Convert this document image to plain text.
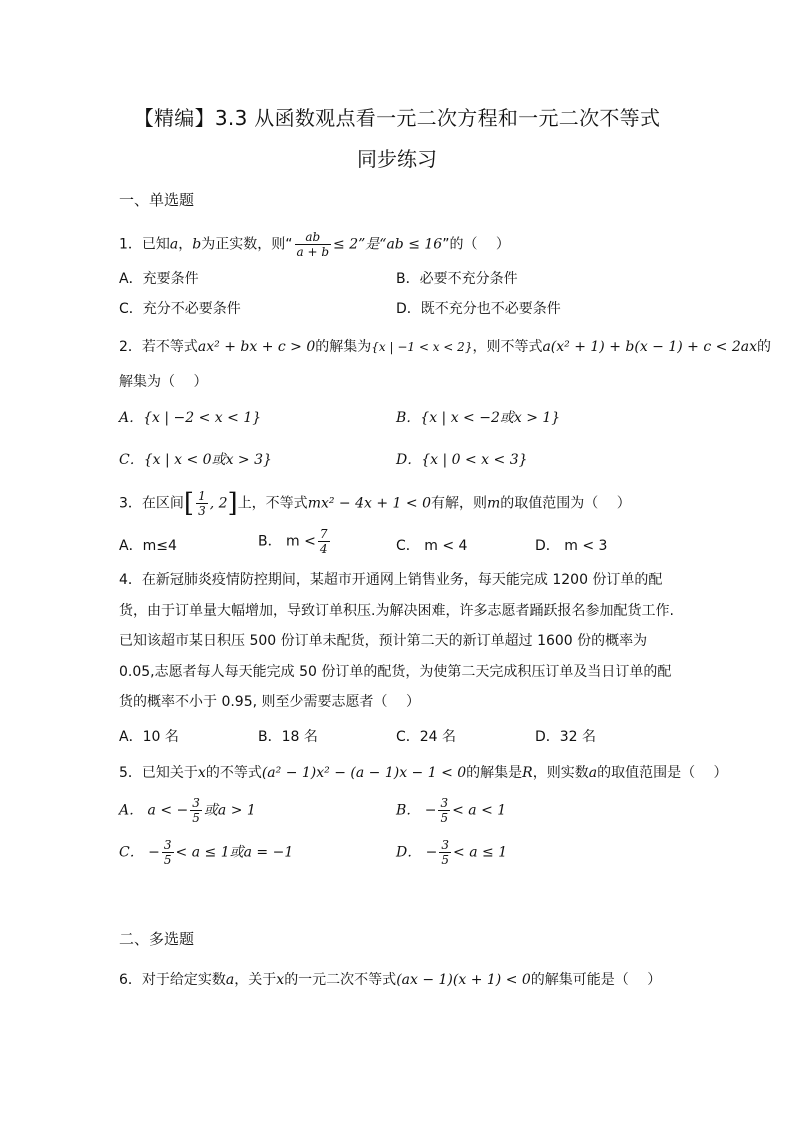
【精编】3.3 从函数观点看一元二次方程和一元二次不等式
同步练习
一、单选题
1．已知a，b为正实数，则“ $\frac{ab}{a + b} \le 2$”是“ab ≤ 16”的（　 ）
A．充要条件	B．必要不充分条件
C．充分不必要条件	D．既不充分也不必要条件
2．若不等式ax² + bx + c > 0的解集为{x | −1 < x < 2}，则不等式a(x² + 1) + b(x − 1) + c < 2ax的
解集为（　 ）
A．{x | −2 < x < 1}	B．{x | x < −2或x > 1}
C．{x | x < 0或x > 3}	D．{x | 0 < x < 3}
3．在区间[ $\frac{1}{3}$ , 2]上，不等式mx² − 4x + 1 < 0有解，则m的取值范围为（　 ）
A．m≤4	B． $m < \frac{7}{4}$	C． m < 4	D． m < 3
4．在新冠肺炎疫情防控期间，某超市开通网上销售业务，每天能完成 1200 份订单的配货，由于订单量大幅增加，导致订单积压.为解决困难，许多志愿者踊跃报名参加配货工作.已知该超市某日积压 500 份订单未配货，预计第二天的新订单超过 1600 份的概率为 0.05,志愿者每人每天能完成 50 份订单的配货，为使第二天完成积压订单及当日订单的配货的概率不小于 0.95, 则至少需要志愿者（　 ）
A．10 名	B．18 名	C．24 名	D．32 名
5．已知关于x的不等式(a² − 1)x² − (a − 1)x − 1 < 0的解集是R，则实数a的取值范围是（　 ）
A． a < − $\frac{3}{5}$ 或a > 1	B． − $\frac{3}{5} < a < 1$
C． − $\frac{3}{5} < a \le 1$或a = −1	D． − $\frac{3}{5} < a \le 1$
二、多选题
6．对于给定实数a，关于x的一元二次不等式(ax − 1)(x + 1) < 0的解集可能是（　 ）
